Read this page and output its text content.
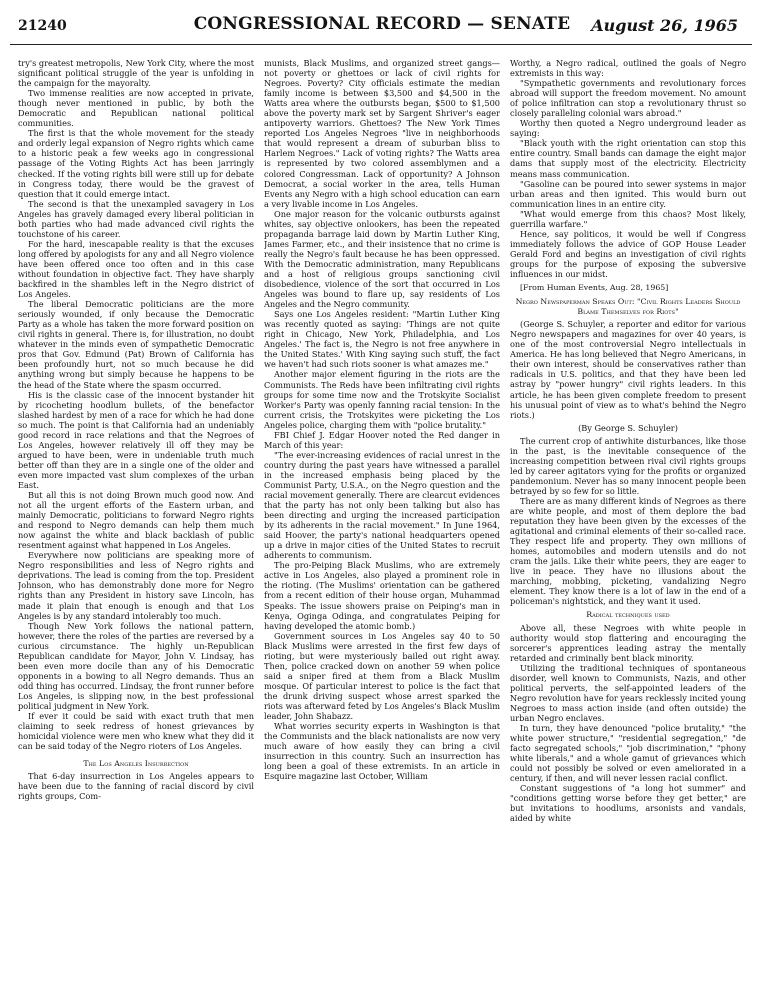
21240	CONGRESSIONAL RECORD — SENATE	August 26, 1965

try's greatest metropolis, New York City, where the most significant political struggle of the year is unfolding in the campaign for the mayoralty.

Two immense realities are now accepted in private, though never mentioned in public, by both the Democratic and Republican national political communities.

The first is that the whole movement for the steady and orderly legal expansion of Negro rights which came to a historic peak a few weeks ago in congressional passage of the Voting Rights Act has been jarringly checked. If the voting rights bill were still up for debate in Congress today, there would be the gravest of question that it could emerge intact.

The second is that the unexampled savagery in Los Angeles has gravely damaged every liberal politician in both parties who had made advanced civil rights the touchstone of his career.

For the hard, inescapable reality is that the excuses long offered by apologists for any and all Negro violence have been offered once too often and in this case without foundation in objective fact. They have sharply backfired in the shambles left in the Negro district of Los Angeles.

The liberal Democratic politicians are the more seriously wounded, if only because the Democratic Party as a whole has taken the more forward position on civil rights in general. There is, for illustration, no doubt whatever in the minds even of sympathetic Democratic pros that Gov. Edmund (Pat) Brown of California has been profoundly hurt, not so much because he did anything wrong but simply because he happens to be the head of the State where the spasm occurred.

His is the classic case of the innocent bystander hit by ricocheting hoodlum bullets, of the benefactor slashed hardest by men of a race for which he had done so much. The point is that California had an undeniably good record in race relations and that the Negroes of Los Angeles, however relatively ill off they may be argued to have been, were in undeniable truth much better off than they are in a single one of the older and even more impacted vast slum complexes of the urban East.

But all this is not doing Brown much good now. And not all the urgent efforts of the Eastern urban, and mainly Democratic, politicians to forward Negro rights and respond to Negro demands can help them much now against the white and black backlash of public resentment against what happened in Los Angeles.

Everywhere now politicians are speaking more of Negro responsibilities and less of Negro rights and deprivations. The lead is coming from the top. President Johnson, who has demonstrably done more for Negro rights than any President in history save Lincoln, has made it plain that enough is enough and that Los Angeles is by any standard intolerably too much.

Though New York follows the national pattern, however, there the roles of the parties are reversed by a curious circumstance. The highly un-Republican Republican candidate for Mayor, John V. Lindsay, has been even more docile than any of his Democratic opponents in a bowing to all Negro demands. Thus an odd thing has occurred. Lindsay, the front runner before Los Angeles, is slipping now, in the best professional political judgment in New York.

If ever it could be said with exact truth that men claiming to seek redress of honest grievances by homicidal violence were men who knew what they did it can be said today of the Negro rioters of Los Angeles.

The Los Angeles Insurrection

That 6-day insurrection in Los Angeles appears to have been due to the fanning of racial discord by civil rights groups, Com-

munists, Black Muslims, and organized street gangs—not poverty or ghettoes or lack of civil rights for Negroes. Poverty? City officials estimate the median family income is between $3,500 and $4,500 in the Watts area where the outbursts began, $500 to $1,500 above the poverty mark set by Sargent Shriver's eager antipoverty warriors. Ghettoes? The New York Times reported Los Angeles Negroes "live in neighborhoods that would represent a dream of suburban bliss to Harlem Negroes." Lack of voting rights? The Watts area is represented by two colored assemblymen and a colored Congressman. Lack of opportunity? A Johnson Democrat, a social worker in the area, tells Human Events any Negro with a high school education can earn a very livable income in Los Angeles.

One major reason for the volcanic outbursts against whites, say objective onlookers, has been the repeated propaganda barrage laid down by Martin Luther King, James Farmer, etc., and their insistence that no crime is really the Negro's fault because he has been oppressed. With the Democratic administration, many Republicans and a host of religious groups sanctioning civil disobedience, violence of the sort that occurred in Los Angeles was bound to flare up, say residents of Los Angeles and the Negro community.

Says one Los Angeles resident: "Martin Luther King was recently quoted as saying: 'Things are not quite right in Chicago, New York, Philadelphia, and Los Angeles.' The fact is, the Negro is not free anywhere in the United States.' With King saying such stuff, the fact we haven't had such riots sooner is what amazes me."

Another major element figuring in the riots are the Communists. The Reds have been infiltrating civil rights groups for some time now and the Trotskyite Socialist Worker's Party was openly fanning racial tension: In the current crisis, the Trotskyites were picketing the Los Angeles police, charging them with "police brutality."

FBI Chief J. Edgar Hoover noted the Red danger in March of this year:

"The ever-increasing evidences of racial unrest in the country during the past years have witnessed a parallel in the increased emphasis being placed by the Communist Party, U.S.A., on the Negro question and the racial movement generally. There are clearcut evidences that the party has not only been talking but also has been directing and urging the increased participation by its adherents in the racial movement." In June 1964, said Hoover, the party's national headquarters opened up a drive in major cities of the United States to recruit adherents to communism.

The pro-Peiping Black Muslims, who are extremely active in Los Angeles, also played a prominent role in the rioting. (The Muslims' orientation can be gathered from a recent edition of their house organ, Muhammad Speaks. The issue showers praise on Peiping's man in Kenya, Oginga Odinga, and congratulates Peiping for having developed the atomic bomb.)

Government sources in Los Angeles say 40 to 50 Black Muslims were arrested in the first few days of rioting, but were mysteriously bailed out right away. Then, police cracked down on another 59 when police said a sniper fired at them from a Black Muslim mosque. Of particular interest to police is the fact that the drunk driving suspect whose arrest sparked the riots was afterward feted by Los Angeles's Black Muslim leader, John Shabazz.

What worries security experts in Washington is that the Communists and the black nationalists are now very much aware of how easily they can bring a civil insurrection in this country. Such an insurrection has long been a goal of these extremists. In an article in Esquire magazine last October, William

Worthy, a Negro radical, outlined the goals of Negro extremists in this way:

"Sympathetic governments and revolutionary forces abroad will support the freedom movement. No amount of police infiltration can stop a revolutionary thrust so closely paralleling colonial wars abroad."

Worthy then quoted a Negro underground leader as saying:

"Black youth with the right orientation can stop this entire country. Small bands can damage the eight major dams that supply most of the electricity. Electricity means mass communication.

"Gasoline can be poured into sewer systems in major urban areas and then ignited. This would burn out communication lines in an entire city.

"What would emerge from this chaos? Most likely, guerrilla warfare."

Hence, say politicos, it would be well if Congress immediately follows the advice of GOP House Leader Gerald Ford and begins an investigation of civil rights groups for the purpose of exposing the subversive influences in our midst.

[From Human Events, Aug. 28, 1965]

Negro Newspaperman Speaks Out: "Civil Rights Leaders Should Blame Themselves for Riots"

(George S. Schuyler, a reporter and editor for various Negro newspapers and magazines for over 40 years, is one of the most controversial Negro intellectuals in America. He has long believed that Negro Americans, in their own interest, should be conservatives rather than radicals in U.S. politics, and that they have been led astray by "power hungry" civil rights leaders. In this article, he has been given complete freedom to present his unusual point of view as to what's behind the Negro riots.)

(By George S. Schuyler)

The current crop of antiwhite disturbances, like those in the past, is the inevitable consequence of the increasing competition between rival civil rights groups led by career agitators vying for the profits or organized pandemonium. Never has so many innocent people been betrayed by so few for so little.

There are as many different kinds of Negroes as there are white people, and most of them deplore the bad reputation they have been given by the excesses of the agitational and criminal elements of their so-called race. They respect life and property. They own millions of homes, automobiles and modern utensils and do not cram the jails. Like their white peers, they are eager to live in peace. They have no illusions about the marching, mobbing, picketing, vandalizing Negro element. They know there is a lot of law in the end of a policeman's nightstick, and they want it used.

Radical techniques used

Above all, these Negroes with white people in authority would stop flattering and encouraging the sorcerer's apprentices leading astray the mentally retarded and criminally bent black minority.

Utilizing the traditional techniques of spontaneous disorder, well known to Communists, Nazis, and other political perverts, the self-appointed leaders of the Negro revolution have for years recklessly incited young Negroes to mass action inside (and often outside) the urban Negro enclaves.

In turn, they have denounced "police brutality," "the white power structure," "residential segregation," "de facto segregated schools," "job discrimination," "phony white liberals," and a whole gamut of grievances which could not possibly be solved or even ameliorated in a century, if then, and will never lessen racial conflict.

Constant suggestions of "a long hot summer" and "conditions getting worse before they get better," are but invitations to hoodlums, arsonists and vandals, aided by white
